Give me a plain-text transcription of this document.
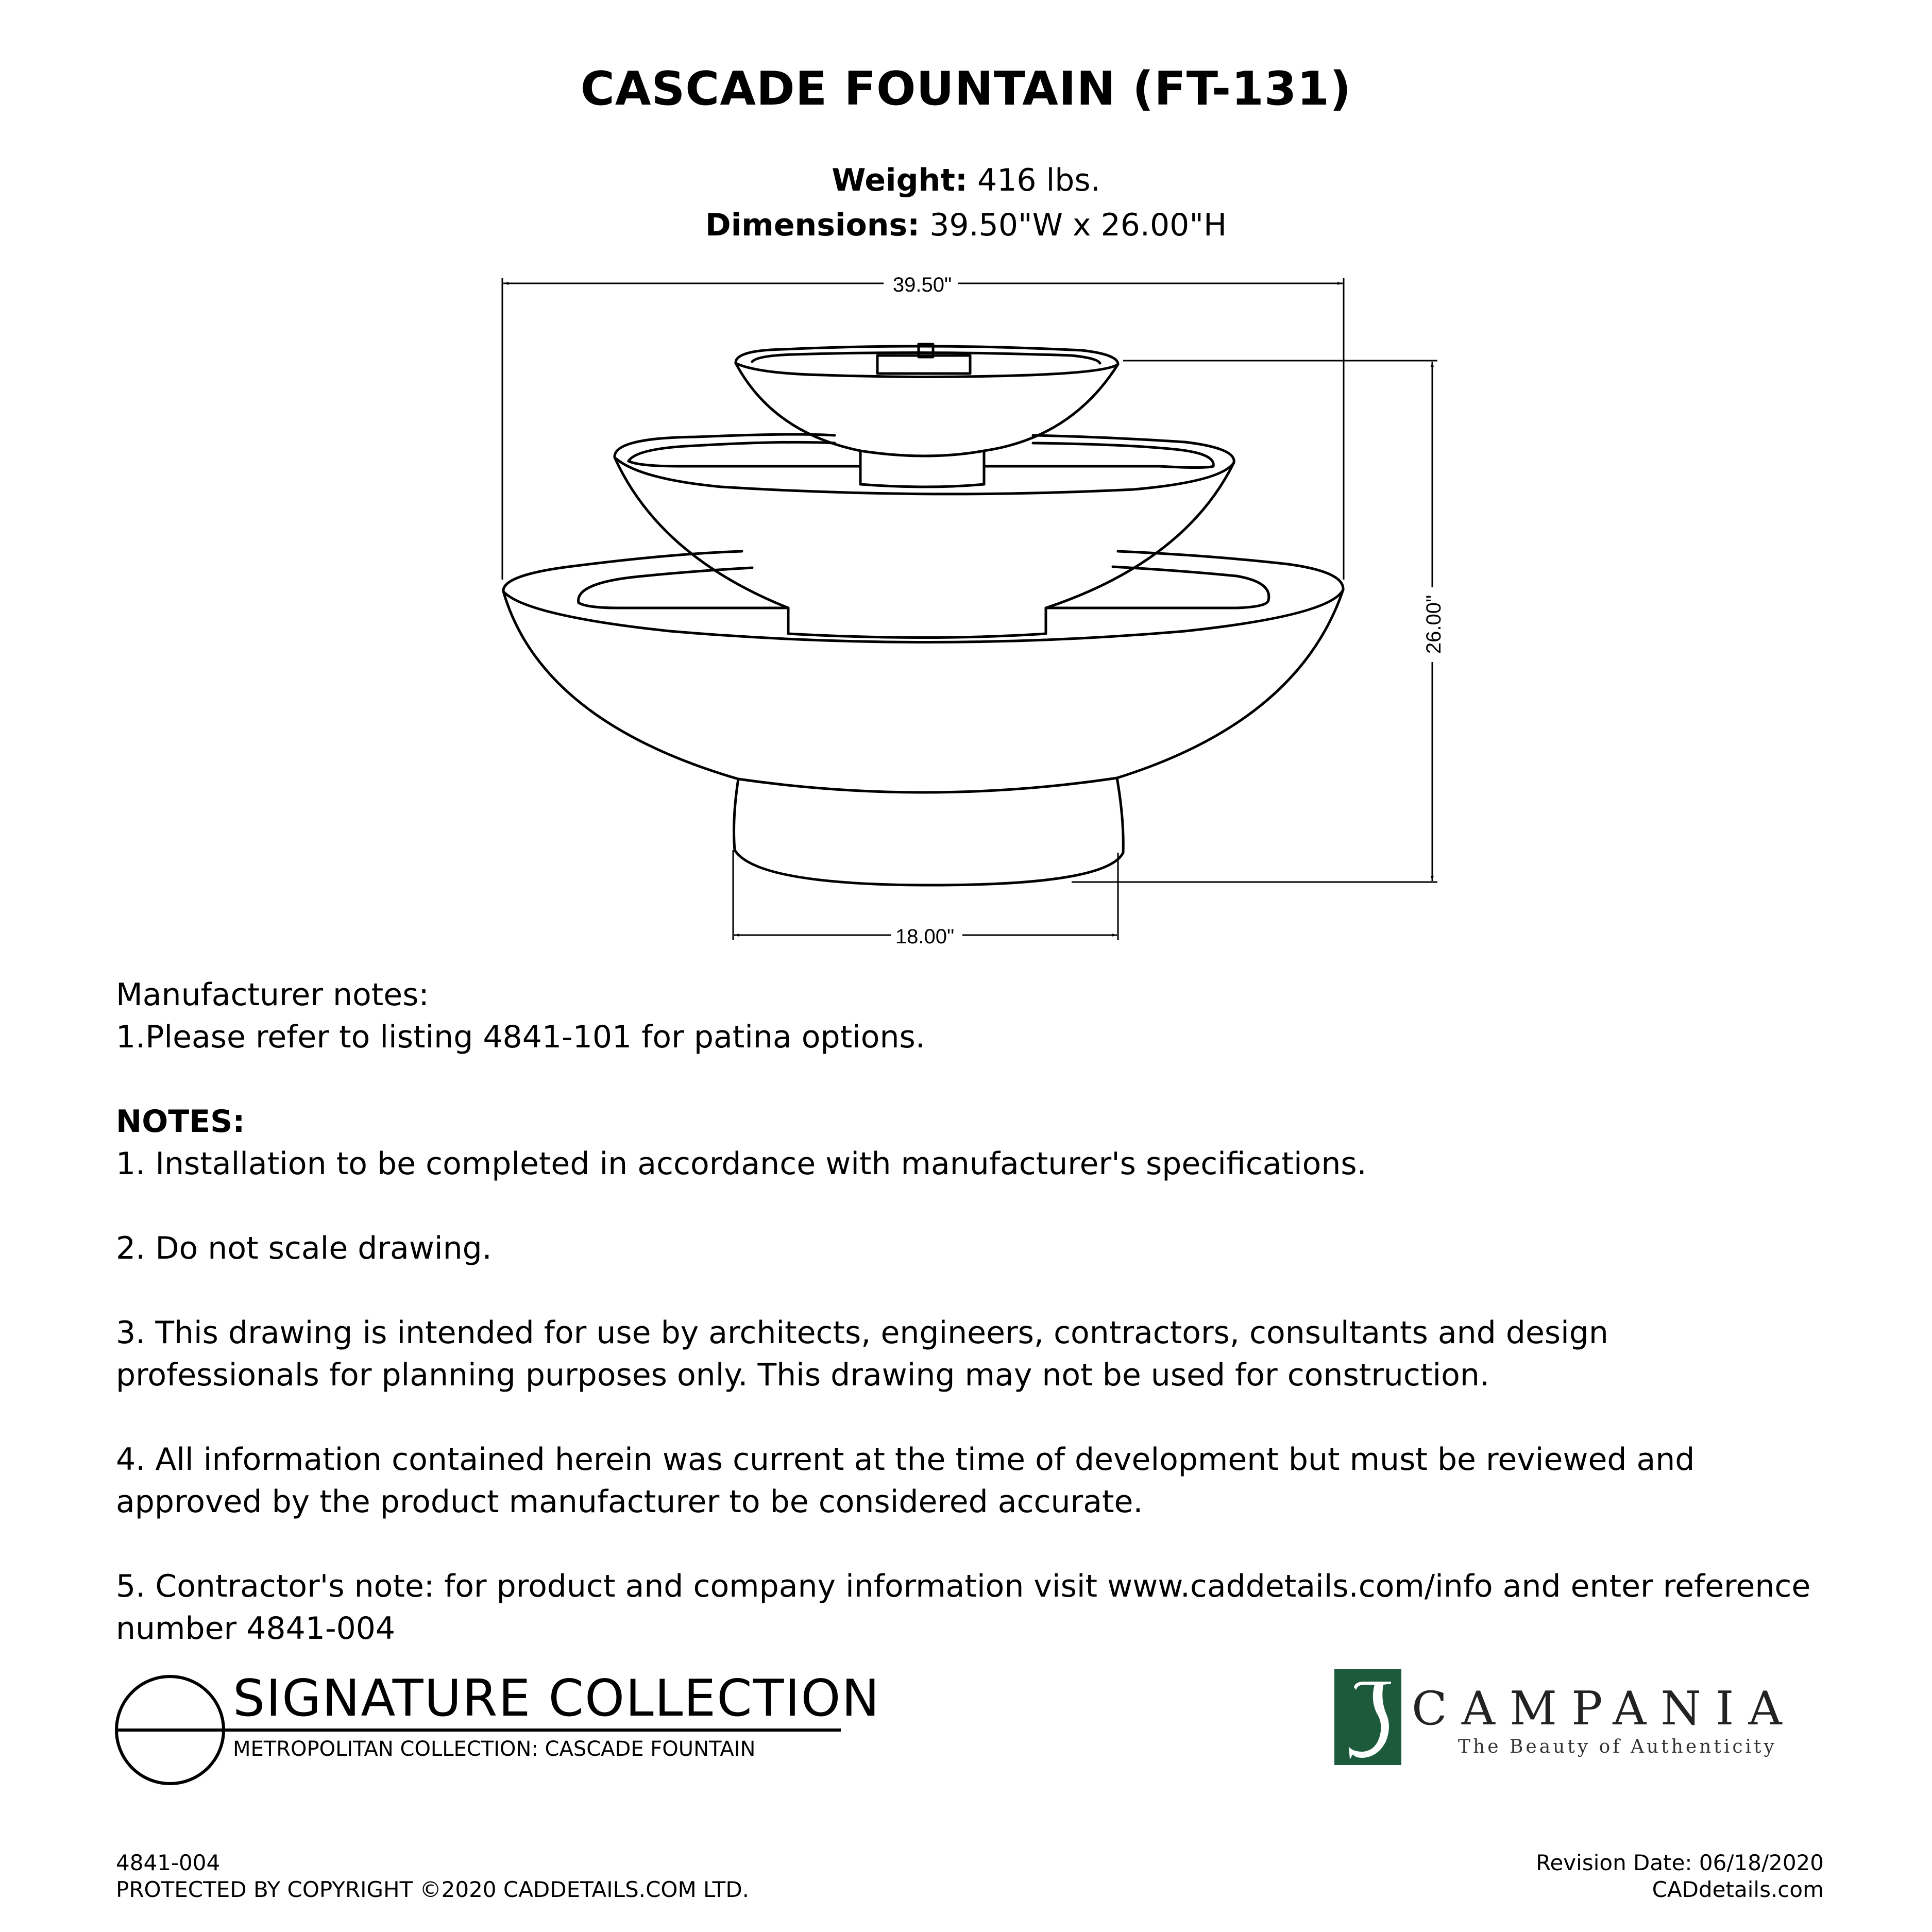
CASCADE FOUNTAIN (FT-131)
Weight: 416 lbs.
Dimensions: 39.50"W x 26.00"H
39.50"
18.00"
26.00"

Manufacturer notes:

1.Please refer to listing 4841-101 for patina options.

NOTES:

1. Installation to be completed in accordance with manufacturer's specifications.

2. Do not scale drawing.

3. This drawing is intended for use by architects, engineers, contractors, consultants and design professionals for planning purposes only. This drawing may not be used for construction.

4. All information contained herein was current at the time of development but must be reviewed and approved by the product manufacturer to be considered accurate.

5. Contractor's note: for product and company information visit www.caddetails.com/info and enter reference number 4841-004

SIGNATURE COLLECTION
METROPOLITAN COLLECTION: CASCADE FOUNTAIN
CAMPANIA
The Beauty of Authenticity
4841-004
PROTECTED BY COPYRIGHT ©2020 CADDETAILS.COM LTD.
Revision Date: 06/18/2020
CADdetails.com
